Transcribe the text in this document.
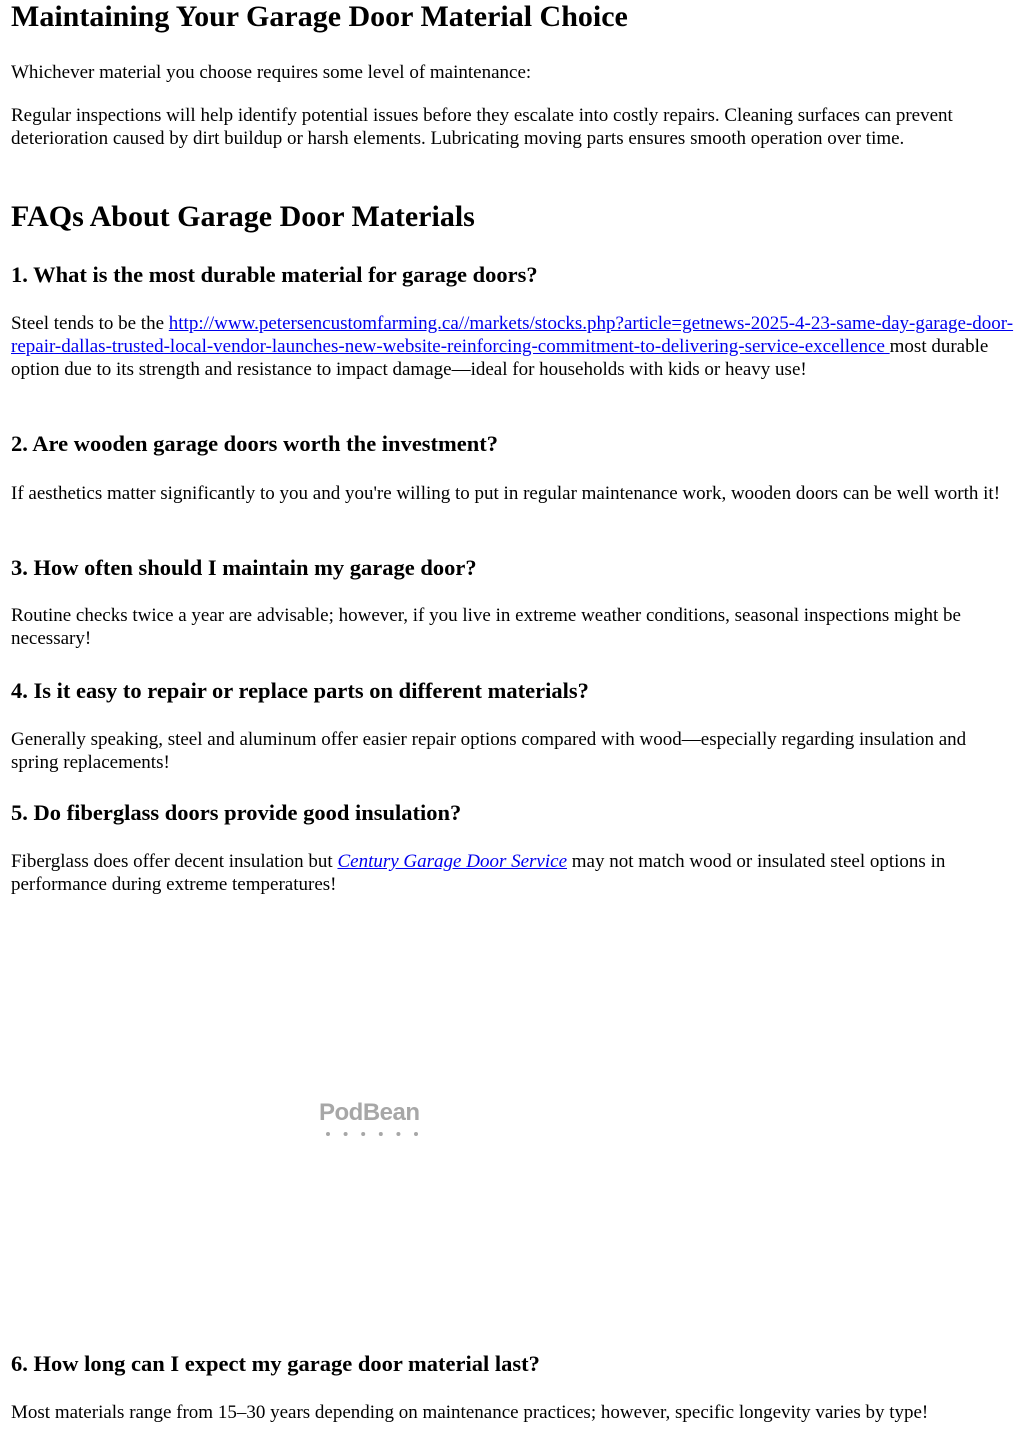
Maintaining Your Garage Door Material Choice

Whichever material you choose requires some level of maintenance:

Regular inspections will help identify potential issues before they escalate into costly repairs. Cleaning surfaces can prevent deterioration caused by dirt buildup or harsh elements. Lubricating moving parts ensures smooth operation over time.

FAQs About Garage Door Materials
1. What is the most durable material for garage doors?

Steel tends to be the http://www.petersencustomfarming.ca//markets/stocks.php?article=getnews-2025-4-23-same-day-garage-door-repair-dallas-trusted-local-vendor-launches-new-website-reinforcing-commitment-to-delivering-service-excellence most durable option due to its strength and resistance to impact damage—ideal for households with kids or heavy use!

2. Are wooden garage doors worth the investment?

If aesthetics matter significantly to you and you're willing to put in regular maintenance work, wooden doors can be well worth it!

3. How often should I maintain my garage door?

Routine checks twice a year are advisable; however, if you live in extreme weather conditions, seasonal inspections might be necessary!

4. Is it easy to repair or replace parts on different materials?

Generally speaking, steel and aluminum offer easier repair options compared with wood—especially regarding insulation and spring replacements!

5. Do fiberglass doors provide good insulation?

Fiberglass does offer decent insulation but Century Garage Door Service may not match wood or insulated steel options in performance during extreme temperatures!

6. How long can I expect my garage door material last?

Most materials range from 15–30 years depending on maintenance practices; however, specific longevity varies by type!

PodBean
